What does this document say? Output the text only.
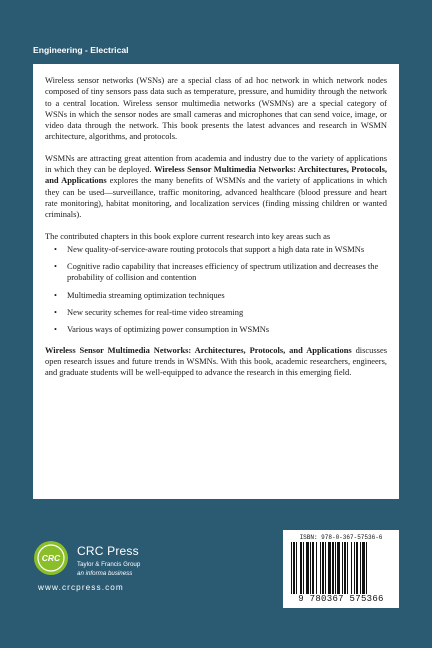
Engineering - Electrical

Wireless sensor networks (WSNs) are a special class of ad hoc network in which network nodes composed of tiny sensors pass data such as temperature, pressure, and humidity through the network to a central location. Wireless sensor multimedia networks (WSMNs) are a special category of WSNs in which the sensor nodes are small cameras and microphones that can send voice, image, or video data through the network. This book presents the latest advances and research in WSMN architecture, algorithms, and protocols.

WSMNs are attracting great attention from academia and industry due to the variety of applications in which they can be deployed. Wireless Sensor Multimedia Networks: Architectures, Protocols, and Applications explores the many benefits of WSMNs and the variety of applications in which they can be used—surveillance, traffic monitoring, advanced healthcare (blood pressure and heart rate monitoring), habitat monitoring, and localization services (finding missing children or wanted criminals).

The contributed chapters in this book explore current research into key areas such as

• New quality-of-service-aware routing protocols that support a high data rate in WSMNs
• Cognitive radio capability that increases efficiency of spectrum utilization and decreases the probability of collision and contention
• Multimedia streaming optimization techniques
• New security schemes for real-time video streaming
• Various ways of optimizing power consumption in WSMNs

Wireless Sensor Multimedia Networks: Architectures, Protocols, and Applications discusses open research issues and future trends in WSMNs. With this book, academic researchers, engineers, and graduate students will be well-equipped to advance the research in this emerging field.

CRC CRC Press
Taylor & Francis Group
an informa business
www.crcpress.com
ISBN: 978-0-367-57536-6
9 780367 575366
